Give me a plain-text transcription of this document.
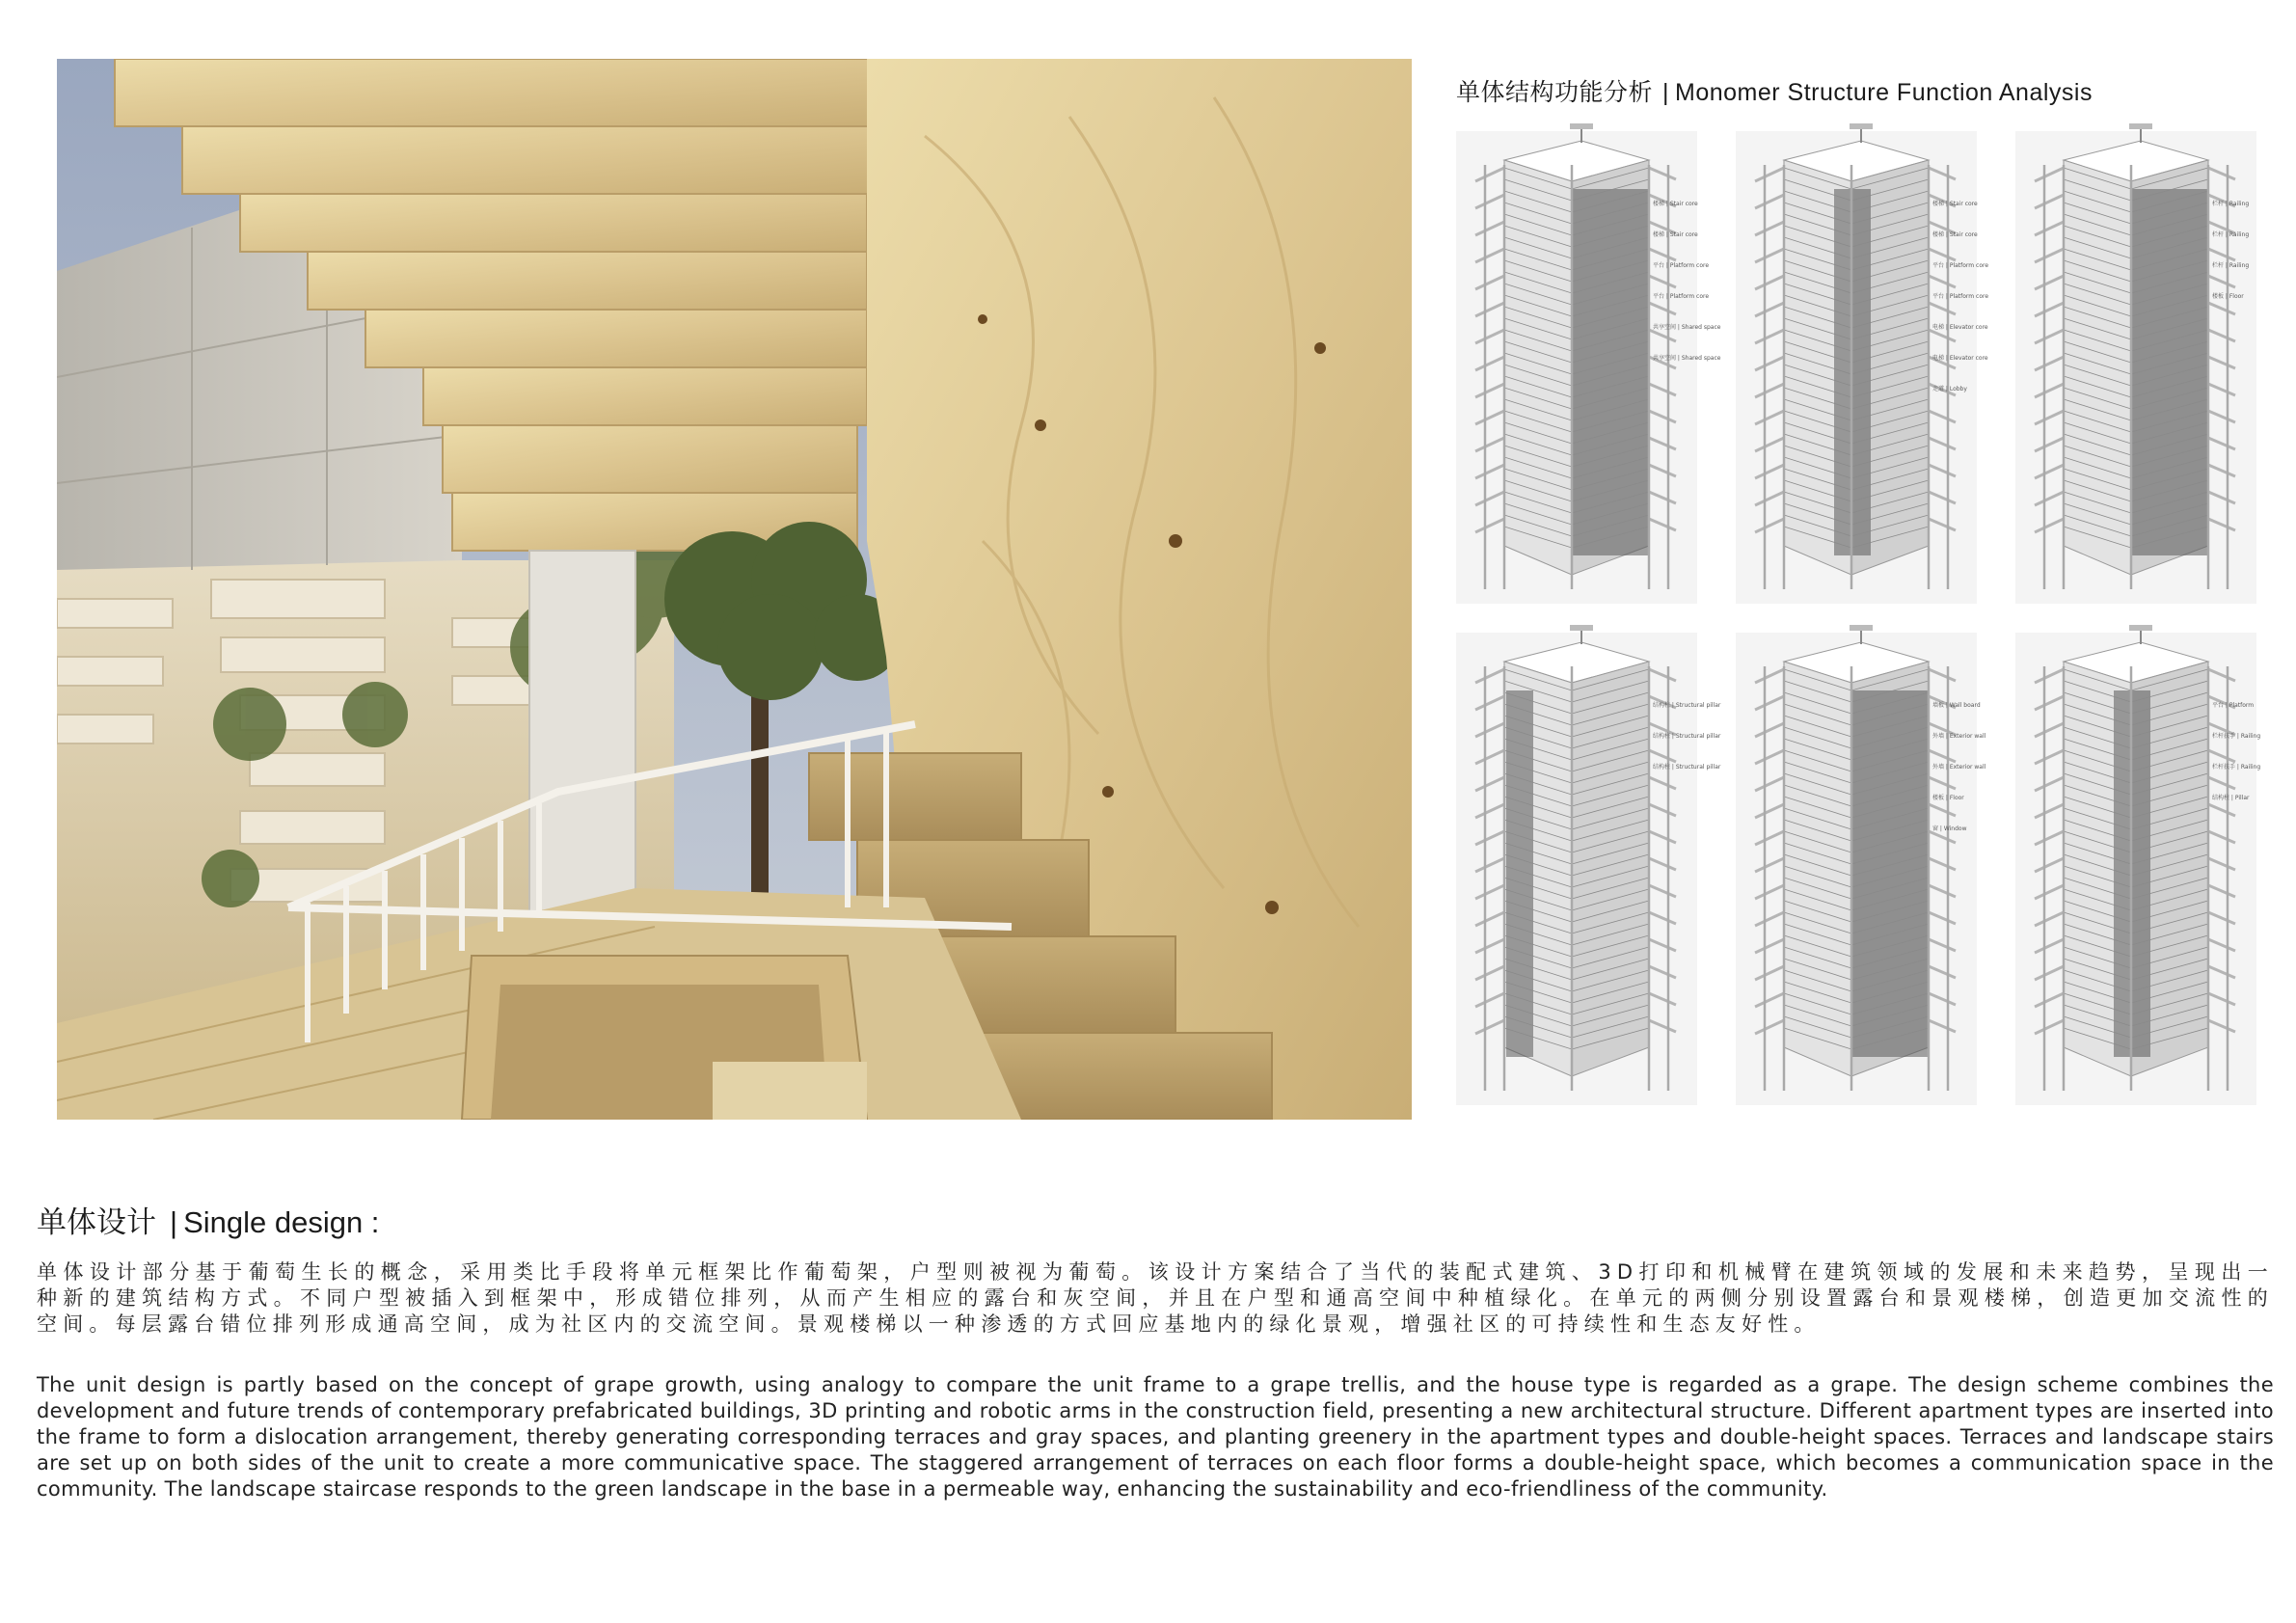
单体结构功能分析 | Monomer Structure Function Analysis
楼梯 | Stair core
楼梯 | Stair core
平台 | Platform core
平台 | Platform core
共享空间 | Shared space
共享空间 | Shared space
楼梯 | Stair core
楼梯 | Stair core
平台 | Platform core
平台 | Platform core
电梯 | Elevator core
电梯 | Elevator core
走道 | Lobby
栏杆 | Railing
栏杆 | Railing
栏杆 | Railing
楼板 | Floor
结构柱 | Structural pillar
结构柱 | Structural pillar
结构柱 | Structural pillar
墙板 | Wall board
外墙 | Exterior wall
外墙 | Exterior wall
楼板 | Floor
窗 | Window
平台 | Platform
栏杆扶手 | Railing
栏杆扶手 | Railing
结构柱 | Pillar
单体设计 | Single design :

单体设计部分基于葡萄生长的概念，采用类比手段将单元框架比作葡萄架，户型则被视为葡萄。该设计方案结合了当代的装配式建筑、3D打印和机械臂在建筑领域的发展和未来趋势，呈现出一种新的建筑结构方式。不同户型被插入到框架中，形成错位排列，从而产生相应的露台和灰空间，并且在户型和通高空间中种植绿化。在单元的两侧分别设置露台和景观楼梯，创造更加交流性的空间。每层露台错位排列形成通高空间，成为社区内的交流空间。景观楼梯以一种渗透的方式回应基地内的绿化景观，增强社区的可持续性和生态友好性。

The unit design is partly based on the concept of grape growth, using analogy to compare the unit frame to a grape trellis, and the house type is regarded as a grape. The design scheme combines the development and future trends of contemporary prefabricated buildings, 3D printing and robotic arms in the construction field, presenting a new architectural structure. Different apartment types are inserted into the frame to form a dislocation arrangement, thereby generating corresponding terraces and gray spaces, and planting greenery in the apartment types and double-height spaces. Terraces and landscape stairs are set up on both sides of the unit to create a more communicative space. The staggered arrangement of terraces on each floor forms a double-height space, which becomes a communication space in the community. The landscape staircase responds to the green landscape in the base in a permeable way, enhancing the sustainability and eco-friendliness of the community.
